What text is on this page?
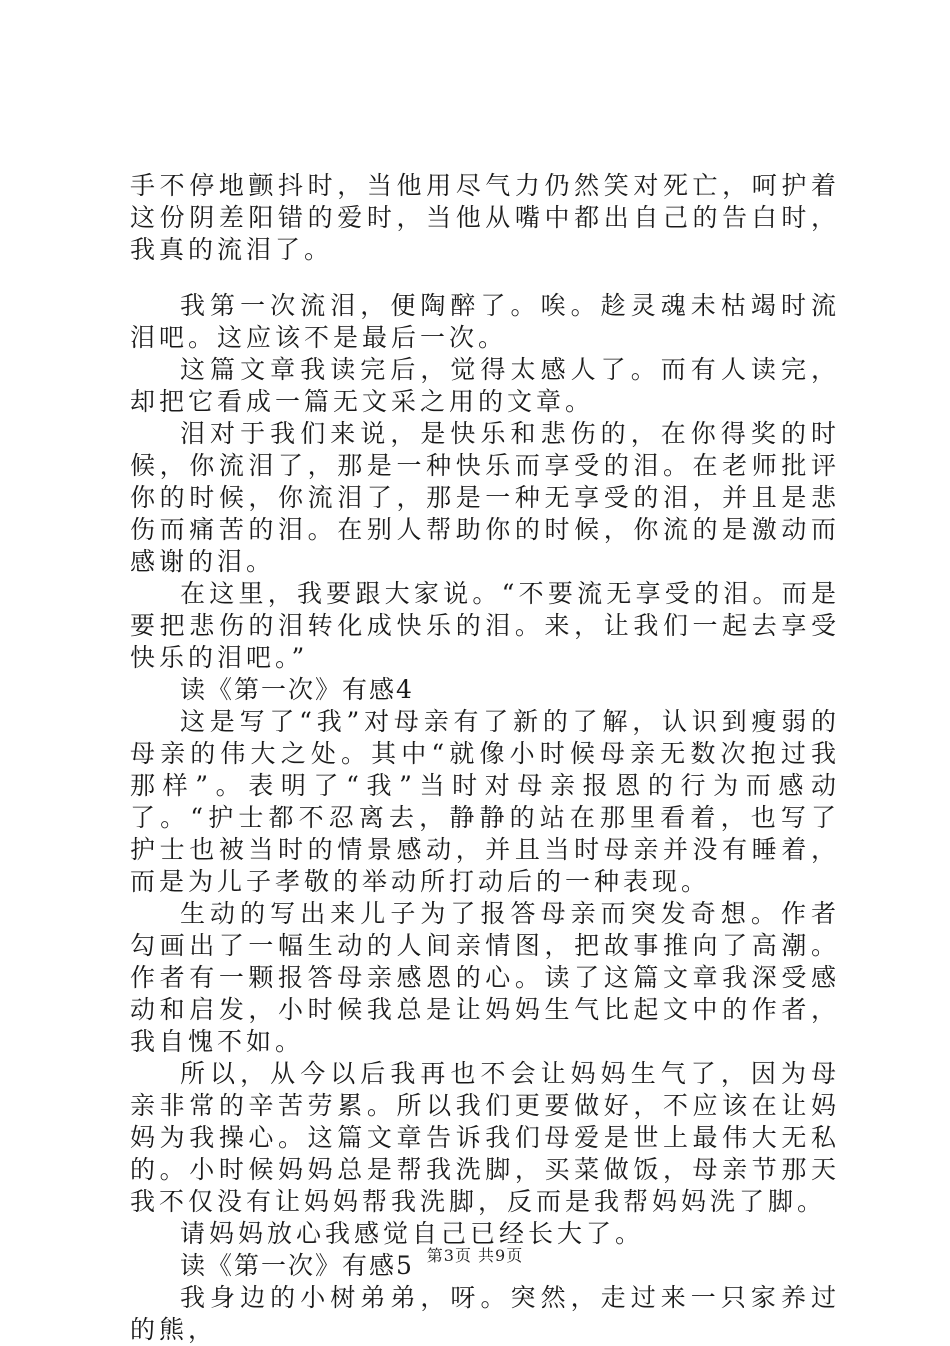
手不停地颤抖时，当他用尽气力仍然笑对死亡，呵护着这份阴差阳错的爱时，当他从嘴中都出自己的告白时，我真的流泪了。

我第一次流泪，便陶醉了。唉。趁灵魂未枯竭时流泪吧。这应该不是最后一次。

这篇文章我读完后，觉得太感人了。而有人读完，却把它看成一篇无文采之用的文章。

泪对于我们来说，是快乐和悲伤的，在你得奖的时候，你流泪了，那是一种快乐而享受的泪。在老师批评你的时候，你流泪了，那是一种无享受的泪，并且是悲伤而痛苦的泪。在别人帮助你的时候，你流的是激动而感谢的泪。

在这里，我要跟大家说。“不要流无享受的泪。而是要把悲伤的泪转化成快乐的泪。来，让我们一起去享受快乐的泪吧。”

读《第一次》有感4

这是写了“我”对母亲有了新的了解，认识到瘦弱的母亲的伟大之处。其中“就像小时候母亲无数次抱过我那样”。表明了“我”当时对母亲报恩的行为而感动了。“护士都不忍离去，静静的站在那里看着，也写了护士也被当时的情景感动，并且当时母亲并没有睡着，而是为儿子孝敬的举动所打动后的一种表现。

生动的写出来儿子为了报答母亲而突发奇想。作者勾画出了一幅生动的人间亲情图，把故事推向了高潮。作者有一颗报答母亲感恩的心。读了这篇文章我深受感动和启发，小时候我总是让妈妈生气比起文中的作者，我自愧不如。

所以，从今以后我再也不会让妈妈生气了，因为母亲非常的辛苦劳累。所以我们更要做好，不应该在让妈妈为我操心。这篇文章告诉我们母爱是世上最伟大无私的。小时候妈妈总是帮我洗脚，买菜做饭，母亲节那天我不仅没有让妈妈帮我洗脚，反而是我帮妈妈洗了脚。

请妈妈放心我感觉自己已经长大了。

读《第一次》有感5

我身边的小树弟弟，呀。突然，走过来一只家养过的熊，

第3页 共9页
